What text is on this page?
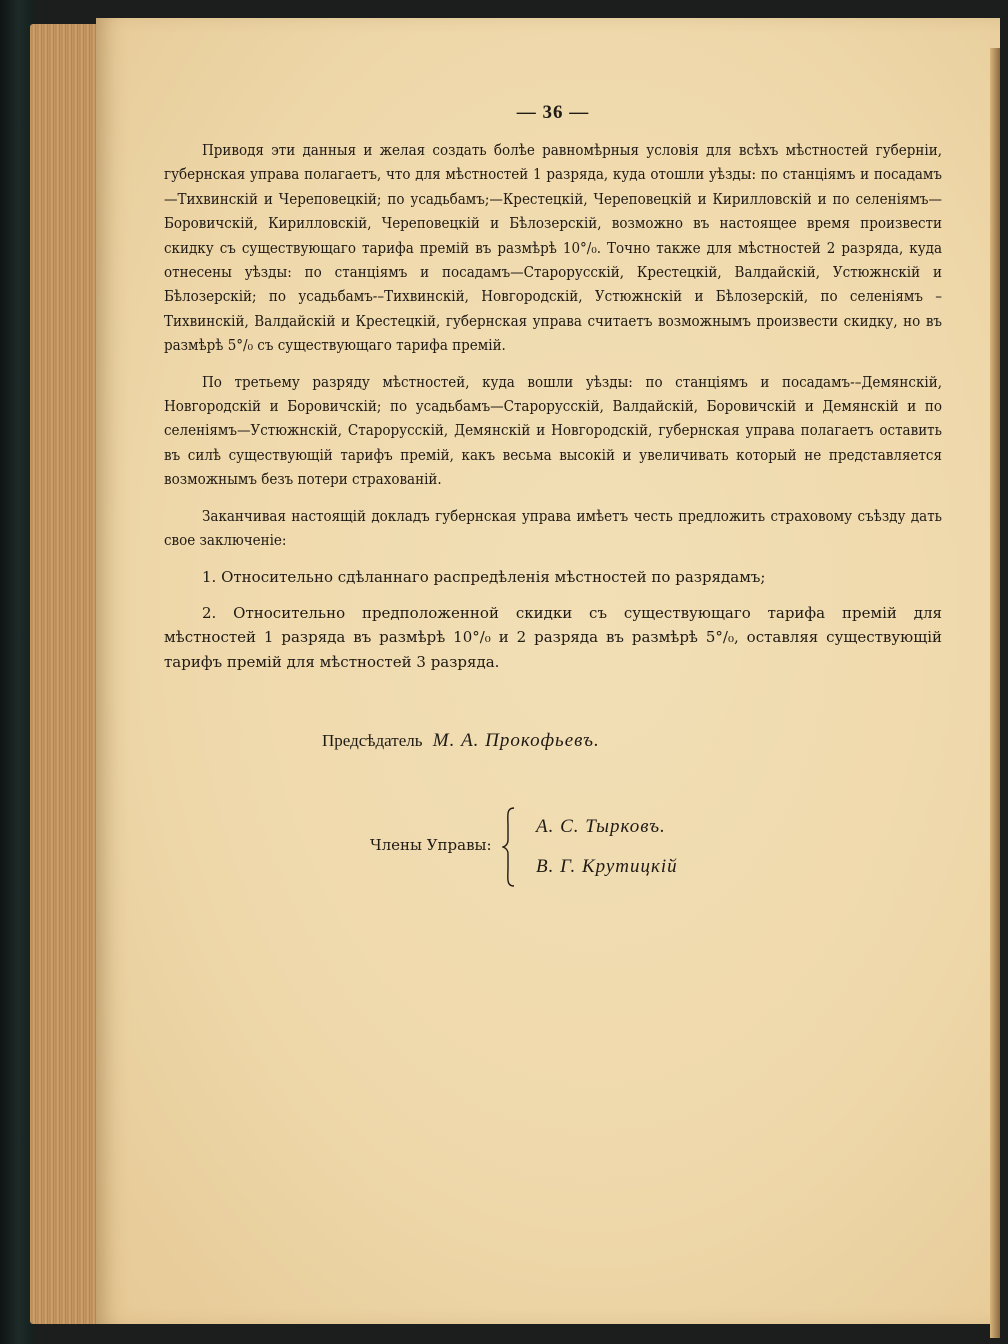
— 36 —

Приводя эти данныя и желая создать болѣе равномѣрныя условія для всѣхъ мѣстностей губерніи, губернская управа полагаетъ, что для мѣстностей 1 разряда, куда отошли уѣзды: по станціямъ и посадамъ—Тихвинскій и Череповецкій; по усадьбамъ;—Крестецкій, Череповецкій и Кирилловскій и по селеніямъ—Боровичскій, Кирилловскій, Череповецкій и Бѣлозерскій, возможно въ настоящее время произвести скидку съ существующаго тарифа премій въ размѣрѣ 10°/₀. Точно также для мѣстностей 2 разряда, куда отнесены уѣзды: по станціямъ и посадамъ—Старорусскій, Крестецкій, Валдайскій, Устюжнскій и Бѣлозерскій; по усадьбамъ-–Тихвинскій, Новгородскій, Устюжнскій и Бѣлозерскій, по селеніямъ – Тихвинскій, Валдайскій и Крестецкій, губернская управа считаетъ возможнымъ произвести скидку, но въ размѣрѣ 5°/₀ съ существующаго тарифа премій.

По третьему разряду мѣстностей, куда вошли уѣзды: по станціямъ и посадамъ-–Демянскій, Новгородскій и Боровичскій; по усадьбамъ—Старорусскій, Валдайскій, Боровичскій и Демянскій и по селеніямъ—Устюжнскій, Старорусскій, Демянскій и Новгородскій, губернская управа полагаетъ оставить въ силѣ существующій тарифъ премій, какъ весьма высокій и увеличивать который не представляется возможнымъ безъ потери страхованій.

Заканчивая настоящій докладъ губернская управа имѣетъ честь предложить страховому съѣзду дать свое заключеніе:

1. Относительно сдѣланнаго распредѣленія мѣстностей по разрядамъ;

2. Относительно предположенной скидки съ существующаго тарифа премій для мѣстностей 1 разряда въ размѣрѣ 10°/₀ и 2 разряда въ размѣрѣ 5°/₀, оставляя существующій тарифъ премій для мѣстностей 3 разряда.

Предсѣдатель М. А. Прокофьевъ.
Члены Управы:
А. С. Тырковъ.
В. Г. Крутицкій
